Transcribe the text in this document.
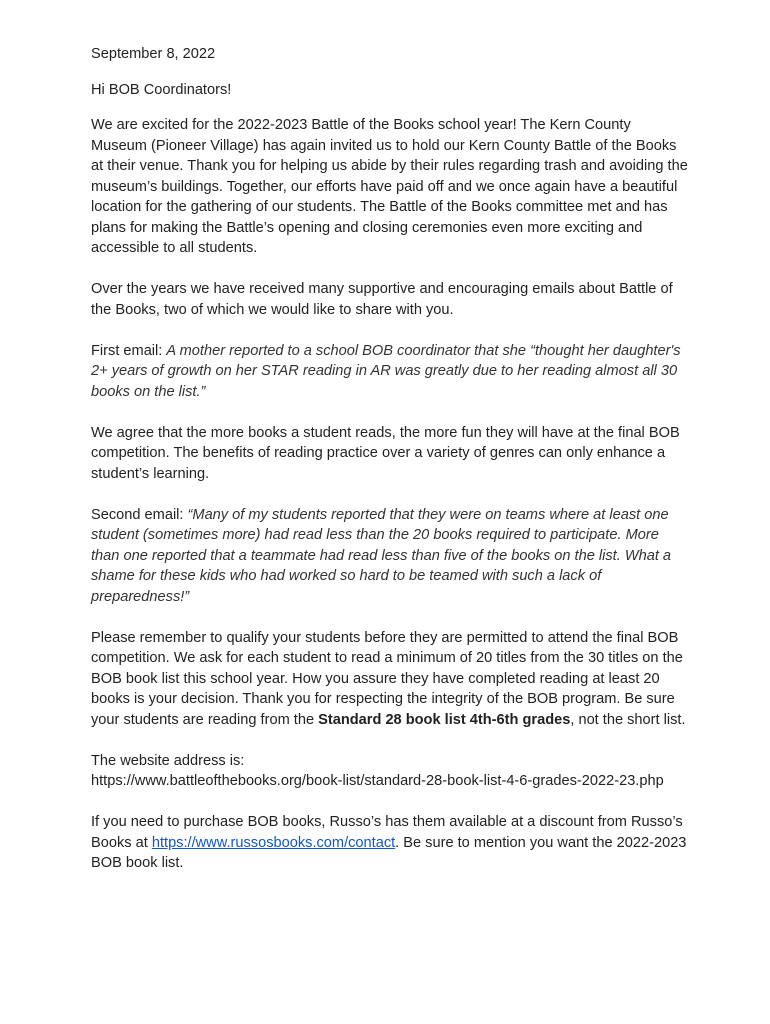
September 8, 2022

Hi BOB Coordinators!

We are excited for the 2022-2023 Battle of the Books school year! The Kern County Museum (Pioneer Village) has again invited us to hold our Kern County Battle of the Books at their venue. Thank you for helping us abide by their rules regarding trash and avoiding the museum’s buildings. Together, our efforts have paid off and we once again have a beautiful location for the gathering of our students. The Battle of the Books committee met and has plans for making the Battle’s opening and closing ceremonies even more exciting and accessible to all students.

Over the years we have received many supportive and encouraging emails about Battle of the Books, two of which we would like to share with you.

First email: A mother reported to a school BOB coordinator that she “thought her daughter's 2+ years of growth on her STAR reading in AR was greatly due to her reading almost all 30 books on the list.”

We agree that the more books a student reads, the more fun they will have at the final BOB competition. The benefits of reading practice over a variety of genres can only enhance a student’s learning.

Second email: “Many of my students reported that they were on teams where at least one student (sometimes more) had read less than the 20 books required to participate. More than one reported that a teammate had read less than five of the books on the list. What a shame for these kids who had worked so hard to be teamed with such a lack of preparedness!”

Please remember to qualify your students before they are permitted to attend the final BOB competition. We ask for each student to read a minimum of 20 titles from the 30 titles on the BOB book list this school year. How you assure they have completed reading at least 20 books is your decision. Thank you for respecting the integrity of the BOB program. Be sure your students are reading from the Standard 28 book list 4th-6th grades, not the short list.

The website address is:
https://www.battleofthebooks.org/book-list/standard-28-book-list-4-6-grades-2022-23.php

If you need to purchase BOB books, Russo’s has them available at a discount from Russo’s Books at https://www.russosbooks.com/contact. Be sure to mention you want the 2022-2023 BOB book list.
